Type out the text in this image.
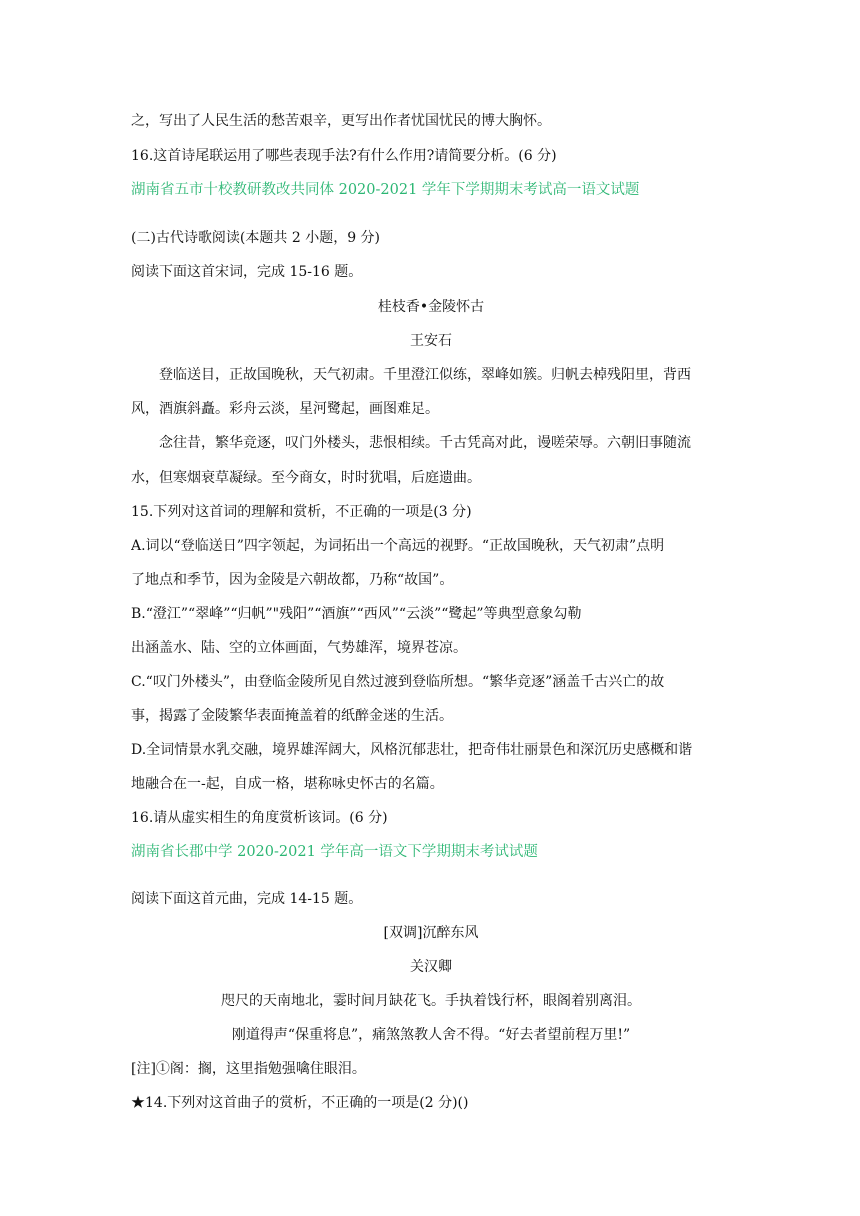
之，写出了人民生活的愁苦艰辛，更写出作者忧国忧民的博大胸怀。
16.这首诗尾联运用了哪些表现手法?有什么作用?请简要分析。(6 分)
湖南省五市十校教研教改共同体 2020-2021 学年下学期期末考试高一语文试题
(二)古代诗歌阅读(本题共 2 小题，9 分)
阅读下面这首宋词，完成 15-16 题。
桂枝香•金陵怀古
王安石
登临送目，正故国晚秋，天气初肃。千里澄江似练，翠峰如簇。归帆去棹残阳里，背西
风，酒旗斜矗。彩舟云淡，星河鹭起，画图难足。
念往昔，繁华竞逐，叹门外楼头，悲恨相续。千古凭高对此，谩嗟荣辱。六朝旧事随流
水，但寒烟衰草凝绿。至今商女，时时犹唱，后庭遗曲。
15.下列对这首词的理解和赏析，不正确的一项是(3 分)
A.词以“登临送日”四字领起，为词拓出一个高远的视野。“正故国晚秋，天气初肃”点明
了地点和季节，因为金陵是六朝故都，乃称“故国”。
B.“澄江”“翠峰”“归帆”"残阳”“酒旗”“西风”“云淡”“鹭起”等典型意象勾勒
出涵盖水、陆、空的立体画面，气势雄浑，境界苍凉。
C.“叹门外楼头”，由登临金陵所见自然过渡到登临所想。“繁华竞逐”涵盖千古兴亡的故
事，揭露了金陵繁华表面掩盖着的纸醉金迷的生活。
D.全词情景水乳交融，境界雄浑阔大，风格沉郁悲壮，把奇伟壮丽景色和深沉历史感概和谐
地融合在一-起，自成一格，堪称咏史怀古的名篇。
16.请从虚实相生的角度赏析该词。(6 分)
湖南省长郡中学 2020-2021 学年高一语文下学期期末考试试题
阅读下面这首元曲，完成 14-15 题。
[双调]沉醉东风
关汉卿
咫尺的天南地北，霎时间月缺花飞。手执着饯行杯，眼阁着别离泪。
刚道得声“保重将息”，痛煞煞教人舍不得。“好去者望前程万里!”
[注]①阁：搁，这里指勉强噙住眼泪。
★14.下列对这首曲子的赏析，不正确的一项是(2 分)()
